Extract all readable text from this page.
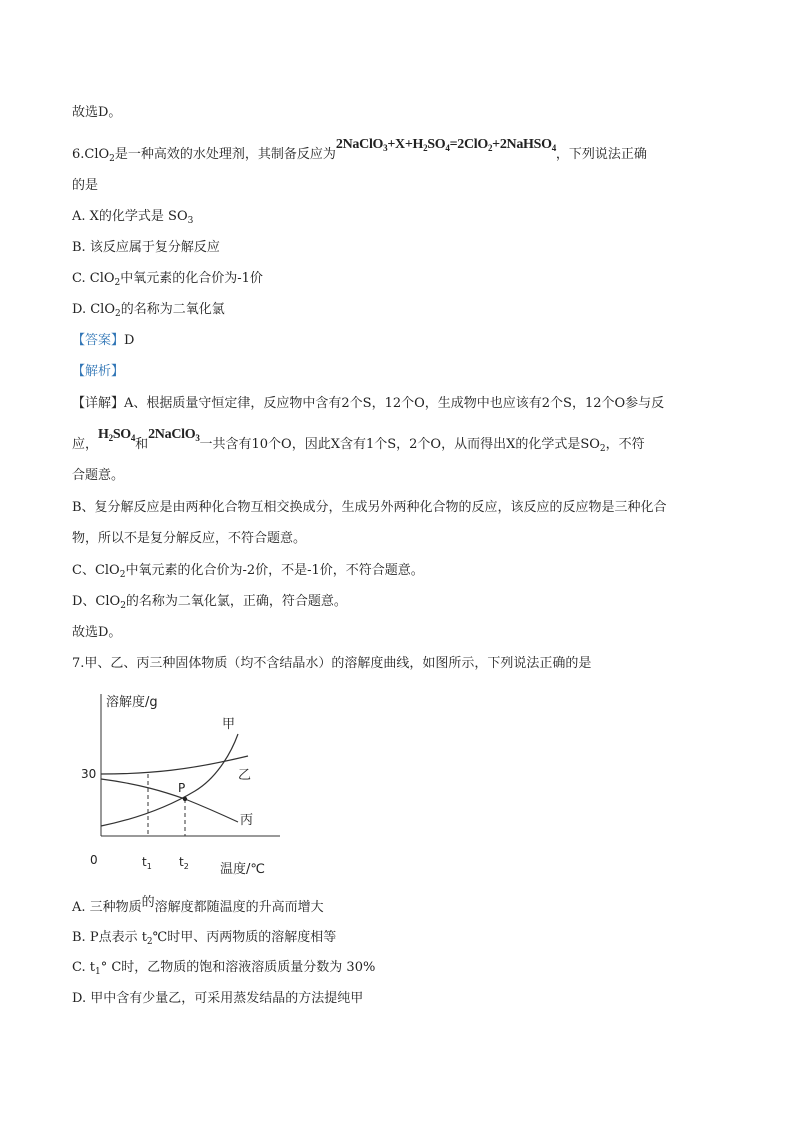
故选D。
6.ClO$_2$是一种高效的水处理剂，其制备反应为$2NaClO_3+X+H_2SO_4=2ClO_2+2NaHSO_4$，下列说法正确
的是
A. X的化学式是 $SO_3$
B. 该反应属于复分解反应
C. ClO$_2$中氧元素的化合价为-1价
D. ClO$_2$的名称为二氧化氯
【答案】D
【解析】
【详解】A、根据质量守恒定律，反应物中含有2个S，12个O，生成物中也应该有2个S，12个O参与反
应，$H_2SO_4$和2NaClO$_3$一共含有10个O，因此X含有1个S，2个O，从而得出X的化学式是$SO_2$，不符
合题意。
B、复分解反应是由两种化合物互相交换成分，生成另外两种化合物的反应，该反应的反应物是三种化合
物，所以不是复分解反应，不符合题意。
C、ClO$_2$中氧元素的化合价为-2价，不是-1价，不符合题意。
D、ClO$_2$的名称为二氧化氯，正确，符合题意。
故选D。
7.甲、乙、丙三种固体物质（均不含结晶水）的溶解度曲线，如图所示，下列说法正确的是
溶解度/g
温度/℃
0
30
$t_1$ $t_2$
P
甲
乙
丙
A. 三种物质的溶解度都随温度的升高而增大
B. P点表示 $t_2℃$时甲、丙两物质的溶解度相等
C. $t_1^\circ$ C时，乙物质的饱和溶液溶质质量分数为 30%
D. 甲中含有少量乙，可采用蒸发结晶的方法提纯甲
